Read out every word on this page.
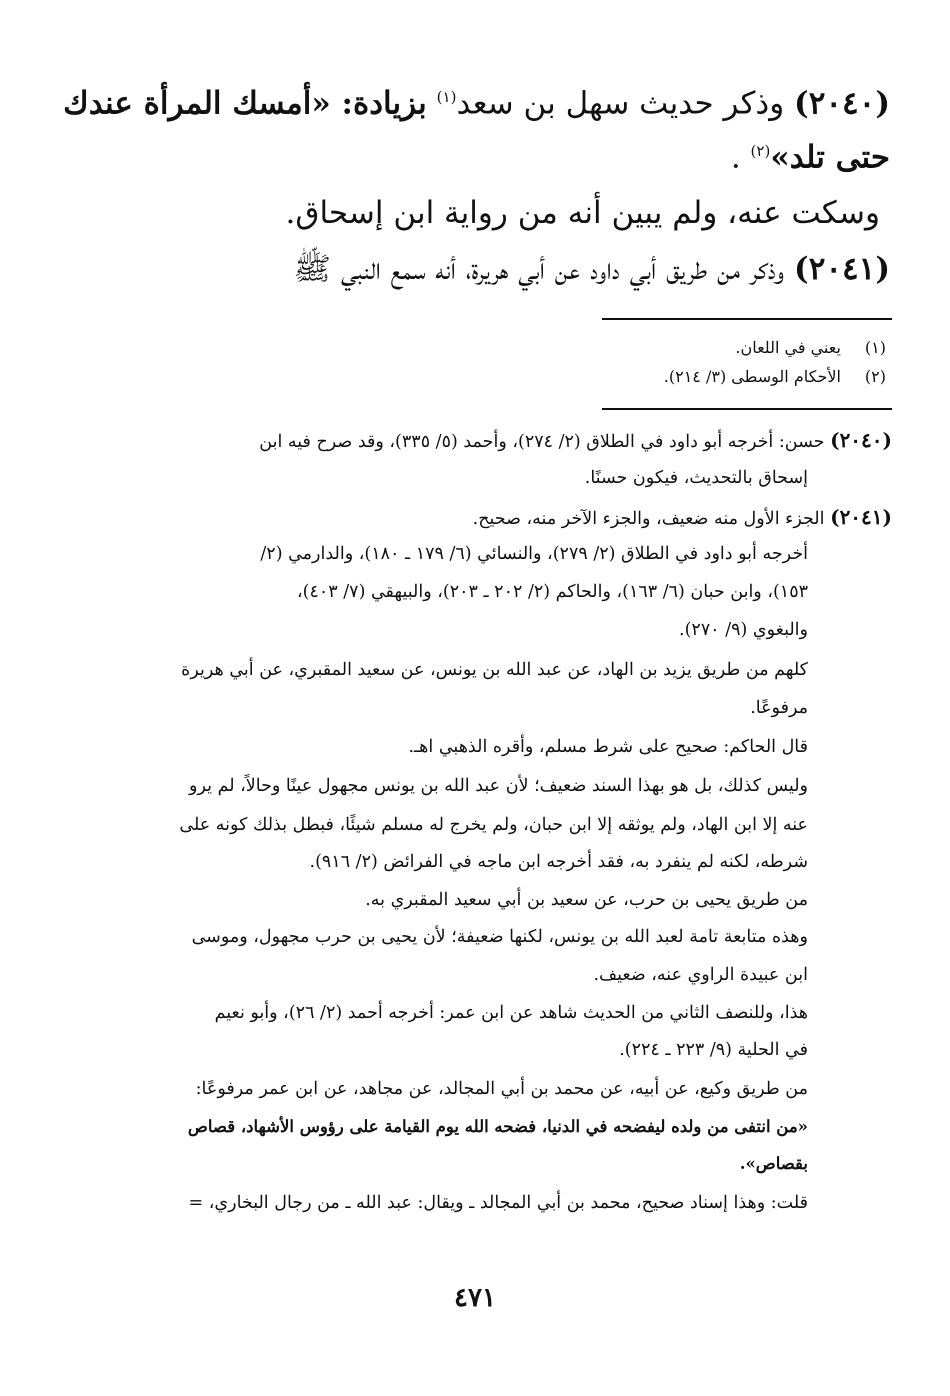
(٢٠٤٠) وذكر حديث سهل بن سعد$^{(١)}$ بزيادة: «أمسك المرأة عندك
حتى تلد»$^{(٢)}$ .
وسكت عنه، ولم يبين أنه من رواية ابن إسحاق.
(٢٠٤١) وذكر من طريق أبي داود عن أبي هريرة، أنه سمع النبي ﷺ
(١) يعني في اللعان.
(٢) الأحكام الوسطى (٣/ ٢١٤).
(٢٠٤٠) حسن: أخرجه أبو داود في الطلاق (٢/ ٢٧٤)، وأحمد (٥/ ٣٣٥)، وقد صرح فيه ابن
إسحاق بالتحديث، فيكون حسنًا.
(٢٠٤١) الجزء الأول منه ضعيف، والجزء الآخر منه، صحيح.
أخرجه أبو داود في الطلاق (٢/ ٢٧٩)، والنسائي (٦/ ١٧٩ ـ ١٨٠)، والدارمي (٢/
١٥٣)، وابن حبان (٦/ ١٦٣)، والحاكم (٢/ ٢٠٢ ـ ٢٠٣)، والبيهقي (٧/ ٤٠٣)،
والبغوي (٩/ ٢٧٠).
كلهم من طريق يزيد بن الهاد، عن عبد الله بن يونس، عن سعيد المقبري، عن أبي هريرة
مرفوعًا.
قال الحاكم: صحيح على شرط مسلم، وأقره الذهبي اهـ.
وليس كذلك، بل هو بهذا السند ضعيف؛ لأن عبد الله بن يونس مجهول عينًا وحالاً، لم يرو
عنه إلا ابن الهاد، ولم يوثقه إلا ابن حبان، ولم يخرج له مسلم شيئًا، فبطل بذلك كونه على
شرطه، لكنه لم ينفرد به، فقد أخرجه ابن ماجه في الفرائض (٢/ ٩١٦).
من طريق يحيى بن حرب، عن سعيد بن أبي سعيد المقبري به.
وهذه متابعة تامة لعبد الله بن يونس، لكنها ضعيفة؛ لأن يحيى بن حرب مجهول، وموسى
ابن عبيدة الراوي عنه، ضعيف.
هذا، وللنصف الثاني من الحديث شاهد عن ابن عمر: أخرجه أحمد (٢/ ٢٦)، وأبو نعيم
في الحلية (٩/ ٢٢٣ ـ ٢٢٤).
من طريق وكيع، عن أبيه، عن محمد بن أبي المجالد، عن مجاهد، عن ابن عمر مرفوعًا:
«من انتفى من ولده ليفضحه في الدنيا، فضحه الله يوم القيامة على رؤوس الأشهاد، قصاص
بقصاص».
قلت: وهذا إسناد صحيح، محمد بن أبي المجالد ـ ويقال: عبد الله ـ من رجال البخاري، =
٤٧١
